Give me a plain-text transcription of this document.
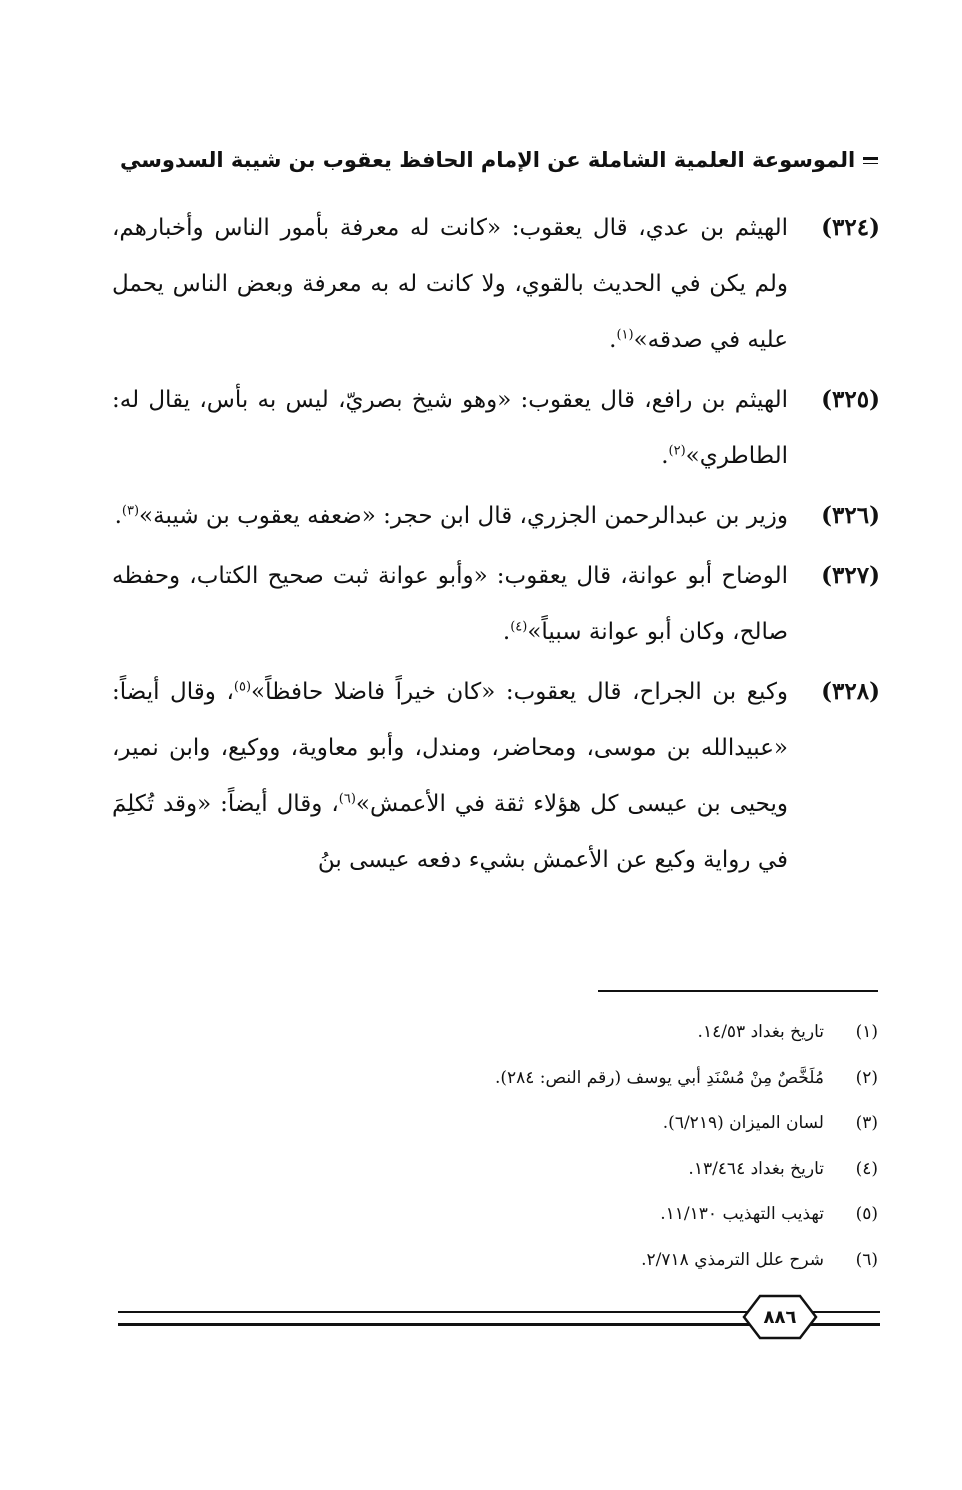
الموسوعة العلمية الشاملة عن الإمام الحافظ يعقوب بن شيبة السدوسي
(٣٢٤)
الهيثم بن عدي، قال يعقوب: «كانت له معرفة بأمور الناس وأخبارهم، ولم يكن في الحديث بالقوي، ولا كانت له به معرفة وبعض الناس يحمل عليه في صدقه»$^{(١)}$.
(٣٢٥)
الهيثم بن رافع، قال يعقوب: «وهو شيخ بصريّ، ليس به بأس، يقال له: الطاطري»$^{(٢)}$.
(٣٢٦)
وزير بن عبدالرحمن الجزري، قال ابن حجر: «ضعفه يعقوب بن شيبة»$^{(٣)}$.
(٣٢٧)
الوضاح أبو عوانة، قال يعقوب: «وأبو عوانة ثبت صحيح الكتاب، وحفظه صالح، وكان أبو عوانة سبياً»$^{(٤)}$.
(٣٢٨)
وكيع بن الجراح، قال يعقوب: «كان خيراً فاضلا حافظاً»$^{(٥)}$، وقال أيضاً: «عبيدالله بن موسى، ومحاضر، ومندل، وأبو معاوية، ووكيع، وابن نمير، ويحيى بن عيسى كل هؤلاء ثقة في الأعمش»$^{(٦)}$، وقال أيضاً: «وقد تُكلِمَ في رواية وكيع عن الأعمش بشيء دفعه عيسى بنُ
(١)
تاريخ بغداد ١٤/٥٣.
(٢)
مُلَخَّصٌ مِنْ مُسْنَدِ أبي يوسف (رقم النص: ٢٨٤).
(٣)
لسان الميزان (٦/٢١٩).
(٤)
تاريخ بغداد ١٣/٤٦٤.
(٥)
تهذيب التهذيب ١١/١٣٠.
(٦)
شرح علل الترمذي ٢/٧١٨.
٨٨٦
